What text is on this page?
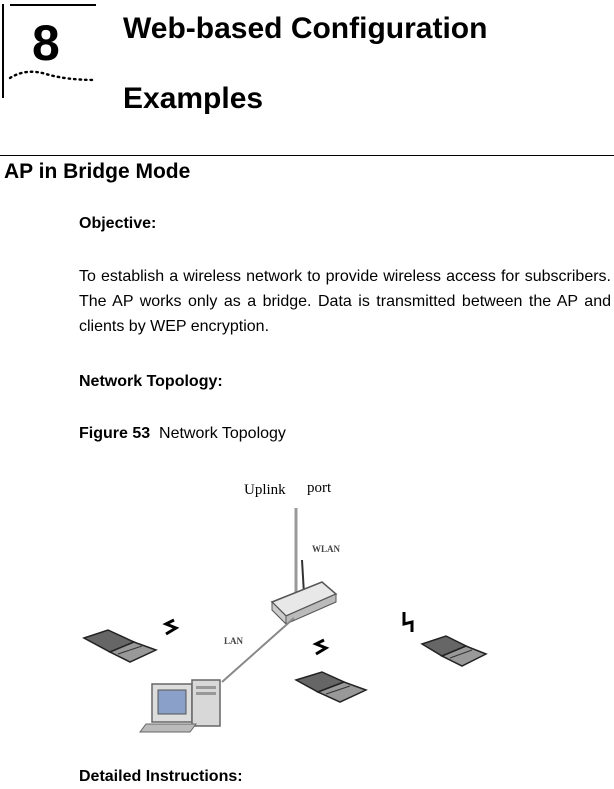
8 Web-based Configuration
Examples
AP in Bridge Mode
Objective:
To establish a wireless network to provide wireless access for subscribers. The AP works only as a bridge. Data is transmitted between the AP and clients by WEP encryption.
Network Topology:
Figure 53 Network Topology
Uplink port
WLAN
LAN
Detailed Instructions:
